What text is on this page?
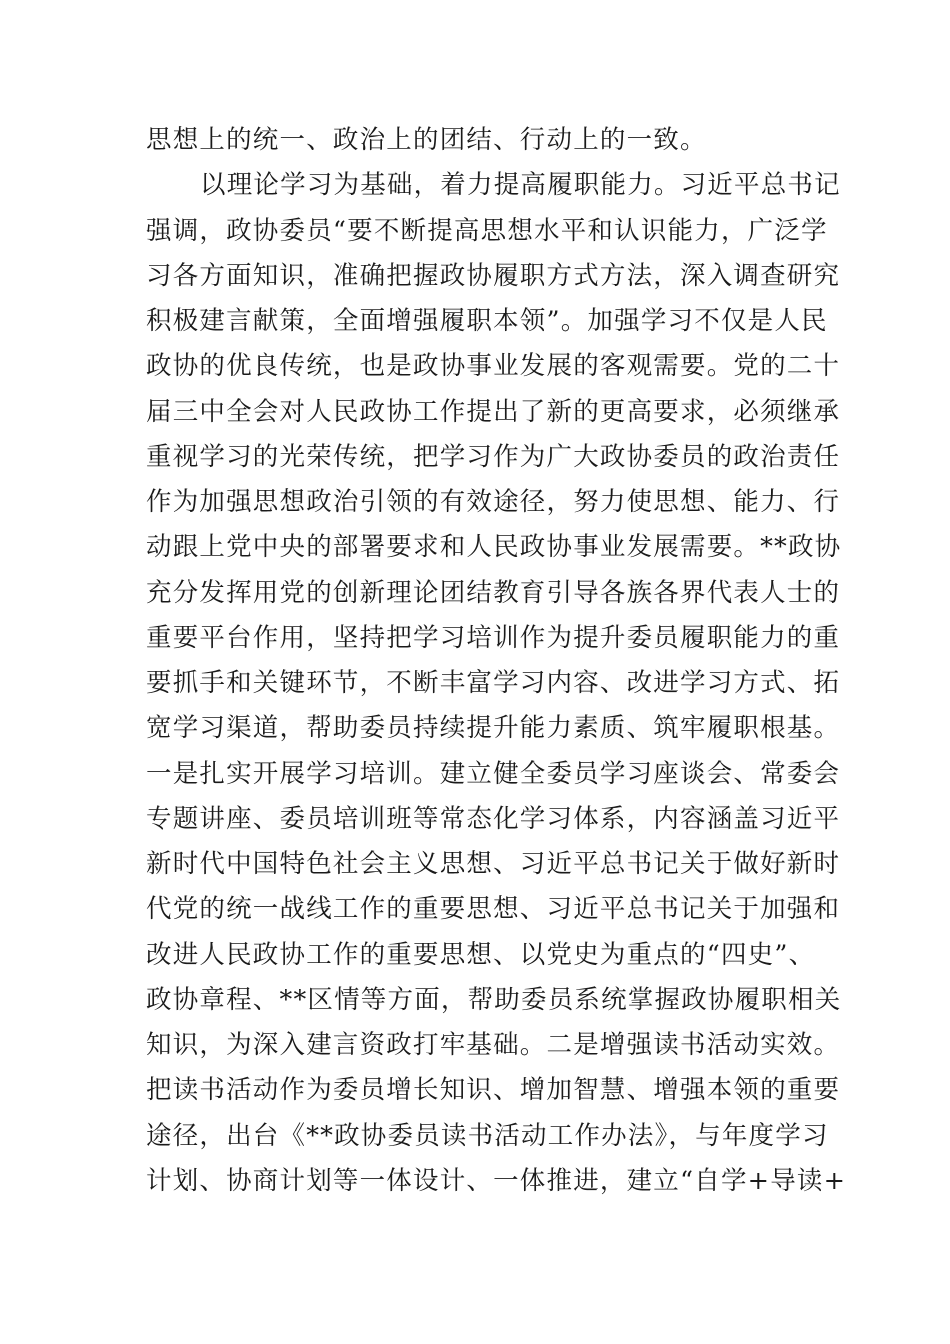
思想上的统一、政治上的团结、行动上的一致。
以理论学习为基础，着力提高履职能力。习近平总书记
强调，政协委员“要不断提高思想水平和认识能力，广泛学
习各方面知识，准确把握政协履职方式方法，深入调查研究
积极建言献策，全面增强履职本领”。加强学习不仅是人民
政协的优良传统，也是政协事业发展的客观需要。党的二十
届三中全会对人民政协工作提出了新的更高要求，必须继承
重视学习的光荣传统，把学习作为广大政协委员的政治责任
作为加强思想政治引领的有效途径，努力使思想、能力、行
动跟上党中央的部署要求和人民政协事业发展需要。**政协
充分发挥用党的创新理论团结教育引导各族各界代表人士的
重要平台作用，坚持把学习培训作为提升委员履职能力的重
要抓手和关键环节，不断丰富学习内容、改进学习方式、拓
宽学习渠道，帮助委员持续提升能力素质、筑牢履职根基。
一是扎实开展学习培训。建立健全委员学习座谈会、常委会
专题讲座、委员培训班等常态化学习体系，内容涵盖习近平
新时代中国特色社会主义思想、习近平总书记关于做好新时
代党的统一战线工作的重要思想、习近平总书记关于加强和
改进人民政协工作的重要思想、以党史为重点的“四史”、
政协章程、**区情等方面，帮助委员系统掌握政协履职相关
知识，为深入建言资政打牢基础。二是增强读书活动实效。
把读书活动作为委员增长知识、增加智慧、增强本领的重要
途径，出台《**政协委员读书活动工作办法》，与年度学习
计划、协商计划等一体设计、一体推进，建立“自学+导读+
